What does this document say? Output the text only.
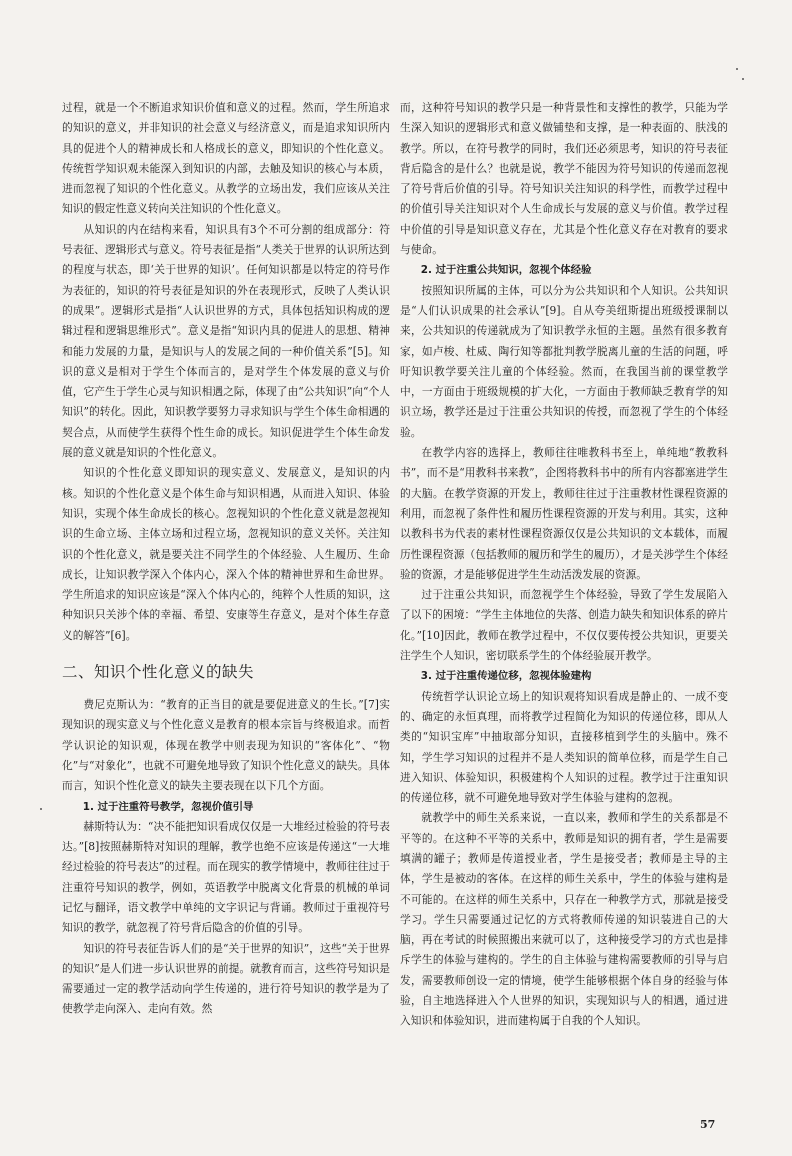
过程，就是一个不断追求知识价值和意义的过程。然而，学生所追求的知识的意义，并非知识的社会意义与经济意义，而是追求知识所内具的促进个人的精神成长和人格成长的意义，即知识的个性化意义。传统哲学知识观未能深入到知识的内部，去触及知识的核心与本质，进而忽视了知识的个性化意义。从教学的立场出发，我们应该从关注知识的假定性意义转向关注知识的个性化意义。

从知识的内在结构来看，知识具有3个不可分割的组成部分：符号表征、逻辑形式与意义。符号表征是指“人类关于世界的认识所达到的程度与状态，即‘关于世界的知识’。任何知识都是以特定的符号作为表征的，知识的符号表征是知识的外在表现形式，反映了人类认识的成果”。逻辑形式是指“人认识世界的方式，具体包括知识构成的逻辑过程和逻辑思维形式”。意义是指“知识内具的促进人的思想、精神和能力发展的力量，是知识与人的发展之间的一种价值关系”[5]。知识的意义是相对于学生个体而言的，是对学生个体发展的意义与价值，它产生于学生心灵与知识相遇之际，体现了由“公共知识”向“个人知识”的转化。因此，知识教学要努力寻求知识与学生个体生命相遇的契合点，从而使学生获得个性生命的成长。知识促进学生个体生命发展的意义就是知识的个性化意义。

知识的个性化意义即知识的现实意义、发展意义，是知识的内核。知识的个性化意义是个体生命与知识相遇，从而进入知识、体验知识，实现个体生命成长的核心。忽视知识的个性化意义就是忽视知识的生命立场、主体立场和过程立场，忽视知识的意义关怀。关注知识的个性化意义，就是要关注不同学生的个体经验、人生履历、生命成长，让知识教学深入个体内心，深入个体的精神世界和生命世界。学生所追求的知识应该是“深入个体内心的，纯粹个人性质的知识，这种知识只关涉个体的幸福、希望、安康等生存意义，是对个体生存意义的解答”[6]。

二、知识个性化意义的缺失

费尼克斯认为：“教育的正当目的就是要促进意义的生长。”[7]实现知识的现实意义与个性化意义是教育的根本宗旨与终极追求。而哲学认识论的知识观，体现在教学中则表现为知识的“客体化”、“物化”与“对象化”，也就不可避免地导致了知识个性化意义的缺失。具体而言，知识个性化意义的缺失主要表现在以下几个方面。

1. 过于注重符号教学，忽视价值引导

赫斯特认为：“决不能把知识看成仅仅是一大堆经过检验的符号表达。”[8]按照赫斯特对知识的理解，教学也绝不应该是传递这“一大堆经过检验的符号表达”的过程。而在现实的教学情境中，教师往往过于注重符号知识的教学，例如，英语教学中脱离文化背景的机械的单词记忆与翻译，语文教学中单纯的文字识记与背诵。教师过于重视符号知识的教学，就忽视了符号背后隐含的价值的引导。

知识的符号表征告诉人们的是“关于世界的知识”，这些“关于世界的知识”是人们进一步认识世界的前提。就教育而言，这些符号知识是需要通过一定的教学活动向学生传递的，进行符号知识的教学是为了使教学走向深入、走向有效。然

而，这种符号知识的教学只是一种背景性和支撑性的教学，只能为学生深入知识的逻辑形式和意义做铺垫和支撑，是一种表面的、肤浅的教学。所以，在符号教学的同时，我们还必须思考，知识的符号表征背后隐含的是什么？也就是说，教学不能因为符号知识的传递而忽视了符号背后价值的引导。符号知识关注知识的科学性，而教学过程中的价值引导关注知识对个人生命成长与发展的意义与价值。教学过程中价值的引导是知识意义存在，尤其是个性化意义存在对教育的要求与使命。

2. 过于注重公共知识，忽视个体经验

按照知识所属的主体，可以分为公共知识和个人知识。公共知识是“人们认识成果的社会承认”[9]。自从夸美纽斯提出班级授课制以来，公共知识的传递就成为了知识教学永恒的主题。虽然有很多教育家，如卢梭、杜威、陶行知等都批判教学脱离儿童的生活的问题，呼吁知识教学要关注儿童的个体经验。然而，在我国当前的课堂教学中，一方面由于班级规模的扩大化，一方面由于教师缺乏教育学的知识立场，教学还是过于注重公共知识的传授，而忽视了学生的个体经验。

在教学内容的选择上，教师往往唯教科书至上，单纯地“教教科书”，而不是“用教科书来教”，企图将教科书中的所有内容都塞进学生的大脑。在教学资源的开发上，教师往往过于注重教材性课程资源的利用，而忽视了条件性和履历性课程资源的开发与利用。其实，这种以教科书为代表的素材性课程资源仅仅是公共知识的文本载体，而履历性课程资源（包括教师的履历和学生的履历），才是关涉学生个体经验的资源，才是能够促进学生生动活泼发展的资源。

过于注重公共知识，而忽视学生个体经验，导致了学生发展陷入了以下的困境：“学生主体地位的失落、创造力缺失和知识体系的碎片化。”[10]因此，教师在教学过程中，不仅仅要传授公共知识，更要关注学生个人知识，密切联系学生的个体经验展开教学。

3. 过于注重传递位移，忽视体验建构

传统哲学认识论立场上的知识观将知识看成是静止的、一成不变的、确定的永恒真理，而将教学过程简化为知识的传递位移，即从人类的“知识宝库”中抽取部分知识，直接移植到学生的头脑中。殊不知，学生学习知识的过程并不是人类知识的简单位移，而是学生自己进入知识、体验知识，积极建构个人知识的过程。教学过于注重知识的传递位移，就不可避免地导致对学生体验与建构的忽视。

就教学中的师生关系来说，一直以来，教师和学生的关系都是不平等的。在这种不平等的关系中，教师是知识的拥有者，学生是需要填满的罐子；教师是传道授业者，学生是接受者；教师是主导的主体，学生是被动的客体。在这样的师生关系中，学生的体验与建构是不可能的。在这样的师生关系中，只存在一种教学方式，那就是接受学习。学生只需要通过记忆的方式将教师传递的知识装进自己的大脑，再在考试的时候照搬出来就可以了，这种接受学习的方式也是排斥学生的体验与建构的。学生的自主体验与建构需要教师的引导与启发，需要教师创设一定的情境，使学生能够根据个体自身的经验与体验，自主地选择进入个人世界的知识，实现知识与人的相遇，通过进入知识和体验知识，进而建构属于自我的个人知识。

57
